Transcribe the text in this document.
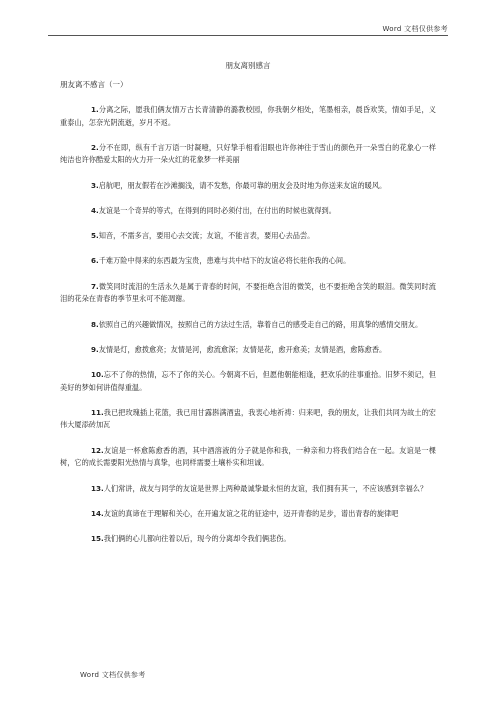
Word 文档仅供参考
朋友离别感言
朋友离不感言（一）

1.分离之际，愿我们俩友情万古长青清静的潞教校园，你我朝夕相处，笔墨相亲，晨昏欢笑，情如手足，义重泰山，怎奈光阴流逝，岁月不返。

2.分不在即，纵有千言万语一时凝噎，只好挚手相看泪眼也许你神往于雪山的颜色开一朵雪白的花象心一样纯洁也许你酷爱太阳的火力开一朵火红的花象梦一样美丽

3.启航吧，朋友假若在沙滩搁浅，请不发愁，你最可靠的朋友会及时地为你送来友谊的暖风。

4.友谊是一个奇异的等式，在得到的同时必须付出，在付出的时候也就得到。

5.知音，不需多言，要用心去交流；友谊，不能言表，要用心去品尝。

6.千难万险中得来的东西最为宝贵，患难与共中结下的友谊必将长驻你我的心间。

7.微笑同时流泪的生活永久是属于青春的时间，不要拒绝含泪的微笑，也不要拒绝含笑的眼泪。微笑同时流泪的花朵在青春的季节里永可不能凋谢。

8.依照自己的兴趣做情况，按照自己的方法过生活，靠着自己的感受走自己的路，用真挚的感情交朋友。

9.友情是灯，愈拨愈亮；友情是河，愈流愈深；友情是花，愈开愈美；友情是酒，愈陈愈香。

10.忘不了你的热情，忘不了你的关心。今朝离不后，但愿他朝能相逢，把欢乐的往事重拾。旧梦不须记，但美好的梦如何讲值得重温。

11.我已把玫瑰插上花篮，我已用甘露斟满酒盅，我衷心地祈祷：归来吧，我的朋友，让我们共同为故土的宏伟大厦添砖加瓦

12.友谊是一杯愈陈愈香的酒，其中酒溶液的分子就是你和我，一种亲和力将我们结合在一起。友谊是一棵树，它的成长需要阳光热情与真挚，也同样需要土壤朴实和坦诚。

13.人们常讲，战友与同学的友谊是世界上两种最诚挚最永恒的友谊，我们拥有其一，不应该感到幸福么？

14.友谊的真谛在于理解和关心，在开遍友谊之花的征途中，迈开青春的足步，谱出青春的旋律吧

15.我们俩的心儿都向往着以后，现今的分离却令我们俩悲伤。

Word 文档仅供参考
